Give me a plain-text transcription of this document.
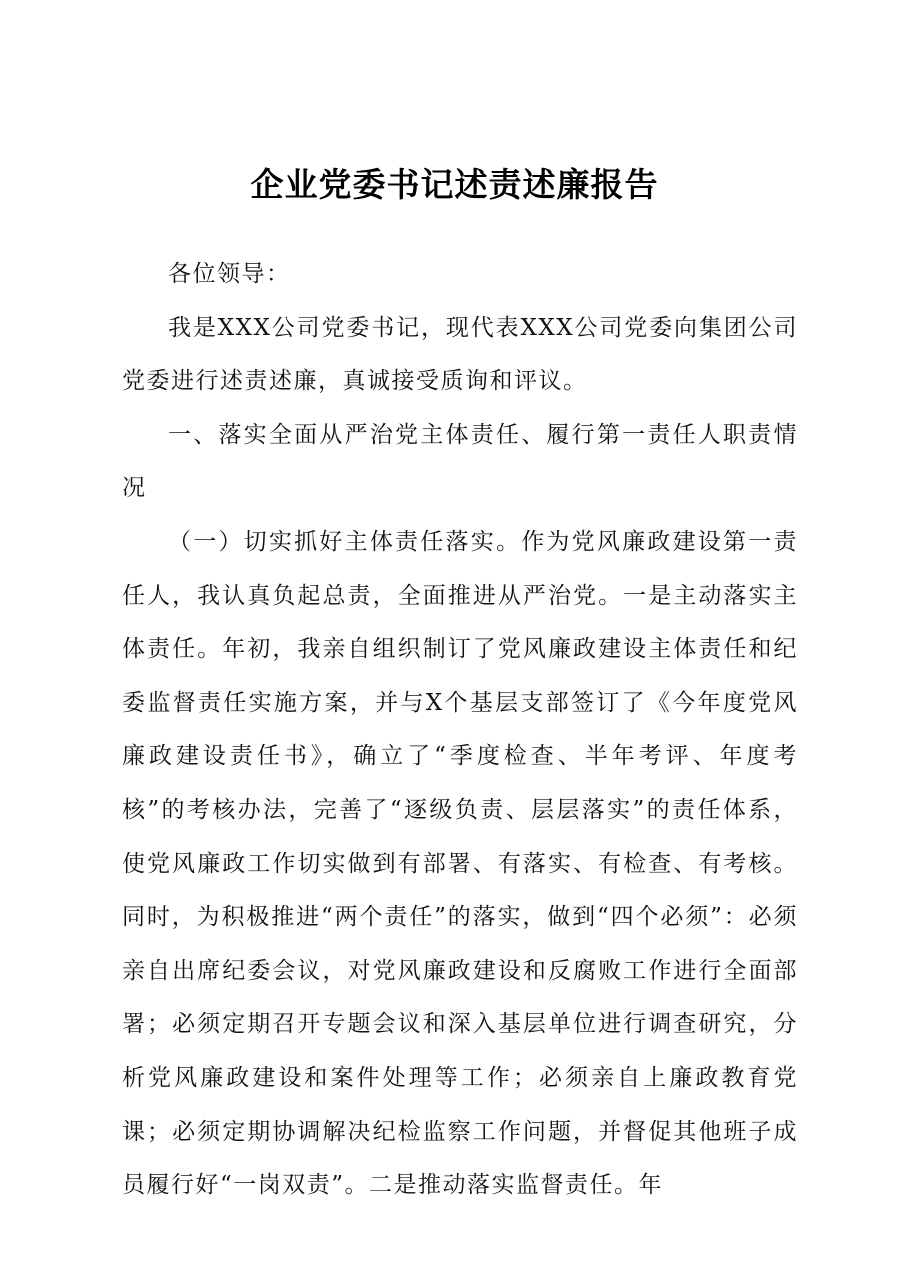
企业党委书记述责述廉报告

各位领导：

我是XXX公司党委书记，现代表XXX公司党委向集团公司党委进行述责述廉，真诚接受质询和评议。

一、落实全面从严治党主体责任、履行第一责任人职责情况

（一）切实抓好主体责任落实。作为党风廉政建设第一责任人，我认真负起总责，全面推进从严治党。一是主动落实主体责任。年初，我亲自组织制订了党风廉政建设主体责任和纪委监督责任实施方案，并与X个基层支部签订了《今年度党风廉政建设责任书》，确立了“季度检查、半年考评、年度考核”的考核办法，完善了“逐级负责、层层落实”的责任体系，使党风廉政工作切实做到有部署、有落实、有检查、有考核。同时，为积极推进“两个责任”的落实，做到“四个必须”：必须亲自出席纪委会议，对党风廉政建设和反腐败工作进行全面部署；必须定期召开专题会议和深入基层单位进行调查研究，分析党风廉政建设和案件处理等工作；必须亲自上廉政教育党课；必须定期协调解决纪检监察工作问题，并督促其他班子成员履行好“一岗双责”。二是推动落实监督责任。年
